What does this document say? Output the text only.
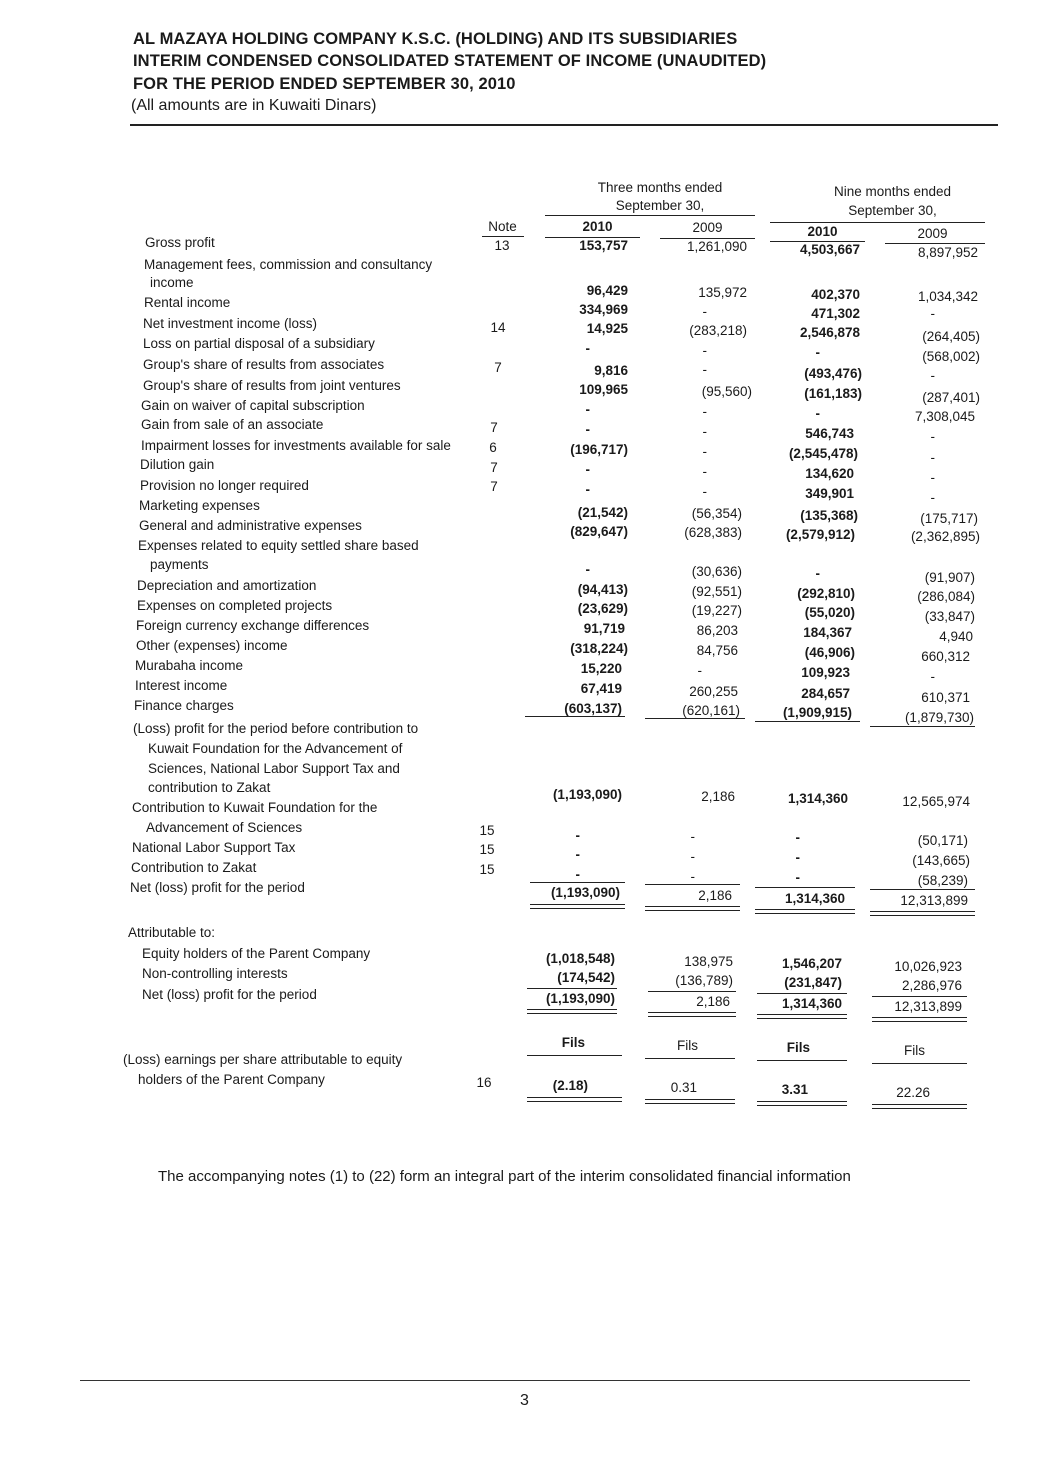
AL MAZAYA HOLDING COMPANY K.S.C. (HOLDING) AND ITS SUBSIDIARIES
INTERIM CONDENSED CONSOLIDATED STATEMENT OF INCOME (UNAUDITED)
FOR THE PERIOD ENDED SEPTEMBER 30, 2010
(All amounts are in Kuwaiti Dinars)
Three months ended
September 30,
Nine months ended
September 30,
Note	2010	2009	2010	2009
Gross profit	13	153,757	1,261,090	4,503,667	8,897,952
Management fees, commission and consultancy
income
96,429	135,972	402,370	1,034,342
Rental income	334,969	-	471,302	-
Net investment income (loss)	14	14,925	(283,218)	2,546,878	(264,405)
Loss on partial disposal of a subsidiary	-	-	-	(568,002)
Group's share of results from associates	7	9,816	-	(493,476)	-
Group's share of results from joint ventures	109,965	(95,560)	(161,183)	(287,401)
Gain on waiver of capital subscription	-	-	-	7,308,045
Gain from sale of an associate	7	-	-	546,743	-
Impairment losses for investments available for sale	6	(196,717)	-	(2,545,478)	-
Dilution gain	7	-	-	134,620	-
Provision no longer required	7	-	-	349,901	-
Marketing expenses	(21,542)	(56,354)	(135,368)	(175,717)
General and administrative expenses	(829,647)	(628,383)	(2,579,912)	(2,362,895)
Expenses related to equity settled share based
payments	-	(30,636)	-	(91,907)
Depreciation and amortization	(94,413)	(92,551)	(292,810)	(286,084)
Expenses on completed projects	(23,629)	(19,227)	(55,020)	(33,847)
Foreign currency exchange differences	91,719	86,203	184,367	4,940
Other (expenses) income	(318,224)	84,756	(46,906)	660,312
Murabaha income	15,220	-	109,923	-
Interest income	67,419	260,255	284,657	610,371
Finance charges	(603,137)	(620,161)	(1,909,915)	(1,879,730)
(Loss) profit for the period before contribution to
Kuwait Foundation for the Advancement of
Sciences, National Labor Support Tax and
contribution to Zakat	(1,193,090)	2,186	1,314,360	12,565,974
Contribution to Kuwait Foundation for the
Advancement of Sciences	15	-	-	-	(50,171)
National Labor Support Tax	15	-	-	-	(143,665)
Contribution to Zakat	15	-	-	-	(58,239)
Net (loss) profit for the period	(1,193,090)	2,186	1,314,360	12,313,899
Attributable to:
Equity holders of the Parent Company	(1,018,548)	138,975	1,546,207	10,026,923
Non-controlling interests	(174,542)	(136,789)	(231,847)	2,286,976
Net (loss) profit for the period	(1,193,090)	2,186	1,314,360	12,313,899
Fils	Fils	Fils	Fils
(Loss) earnings per share attributable to equity
holders of the Parent Company	16	(2.18)	0.31	3.31	22.26
The accompanying notes (1) to (22) form an integral part of the interim consolidated financial information
3
